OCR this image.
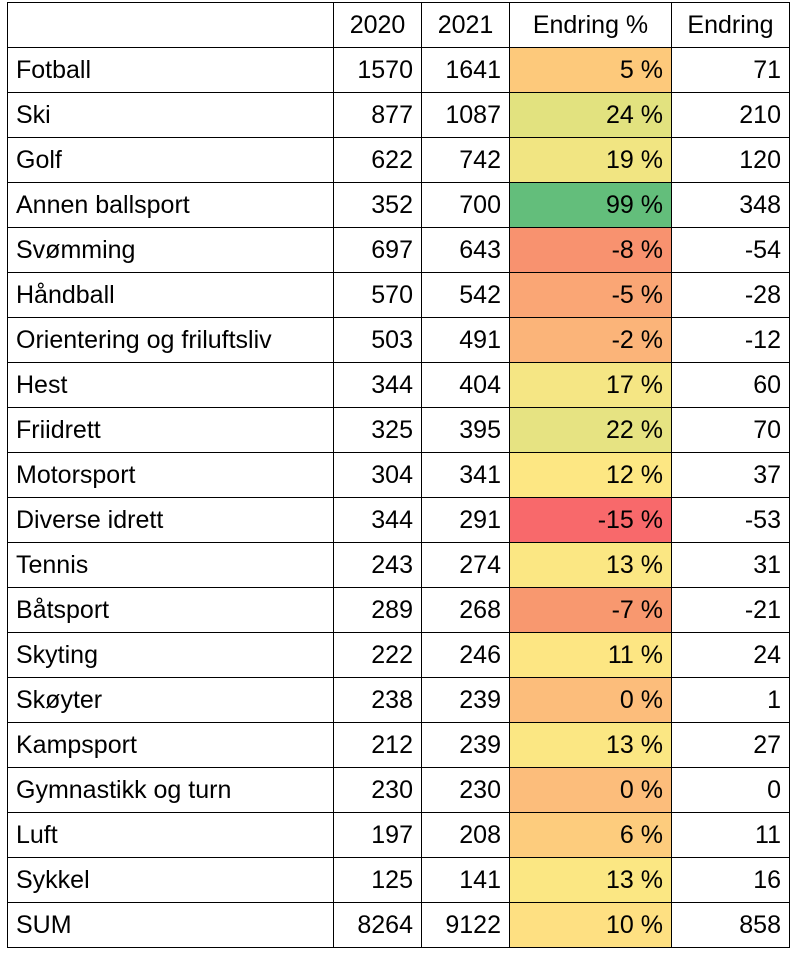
	2020	2021	Endring %	Endring
Fotball	1570	1641	5 %	71
Ski	877	1087	24 %	210
Golf	622	742	19 %	120
Annen ballsport	352	700	99 %	348
Svømming	697	643	-8 %	-54
Håndball	570	542	-5 %	-28
Orientering og friluftsliv	503	491	-2 %	-12
Hest	344	404	17 %	60
Friidrett	325	395	22 %	70
Motorsport	304	341	12 %	37
Diverse idrett	344	291	-15 %	-53
Tennis	243	274	13 %	31
Båtsport	289	268	-7 %	-21
Skyting	222	246	11 %	24
Skøyter	238	239	0 %	1
Kampsport	212	239	13 %	27
Gymnastikk og turn	230	230	0 %	0
Luft	197	208	6 %	11
Sykkel	125	141	13 %	16
SUM	8264	9122	10 %	858
